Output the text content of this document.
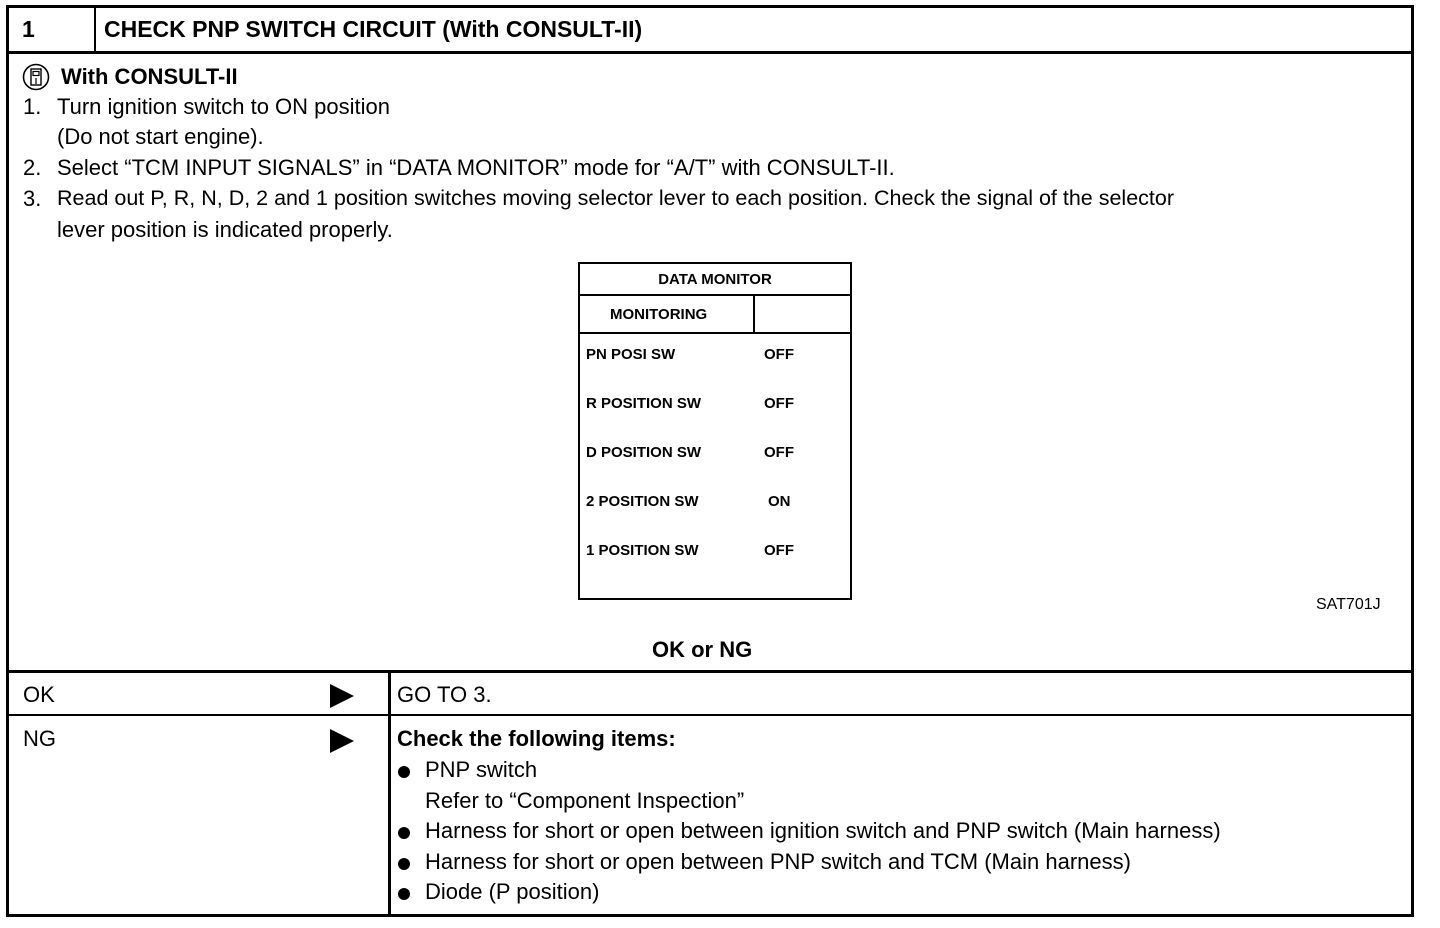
1	CHECK PNP SWITCH CIRCUIT (With CONSULT-II)
With CONSULT-II
1. Turn ignition switch to ON position
(Do not start engine).
2. Select “TCM INPUT SIGNALS” in “DATA MONITOR” mode for “A/T” with CONSULT-II.
3. Read out P, R, N, D, 2 and 1 position switches moving selector lever to each position. Check the signal of the selector
lever position is indicated properly.
DATA MONITOR
MONITORING
PN POSI SW	OFF
R POSITION SW	OFF
D POSITION SW	OFF
2 POSITION SW	ON
1 POSITION SW	OFF
SAT701J
OK or NG
OK	GO TO 3.
NG	Check the following items:
PNP switch
Refer to “Component Inspection”
Harness for short or open between ignition switch and PNP switch (Main harness)
Harness for short or open between PNP switch and TCM (Main harness)
Diode (P position)
